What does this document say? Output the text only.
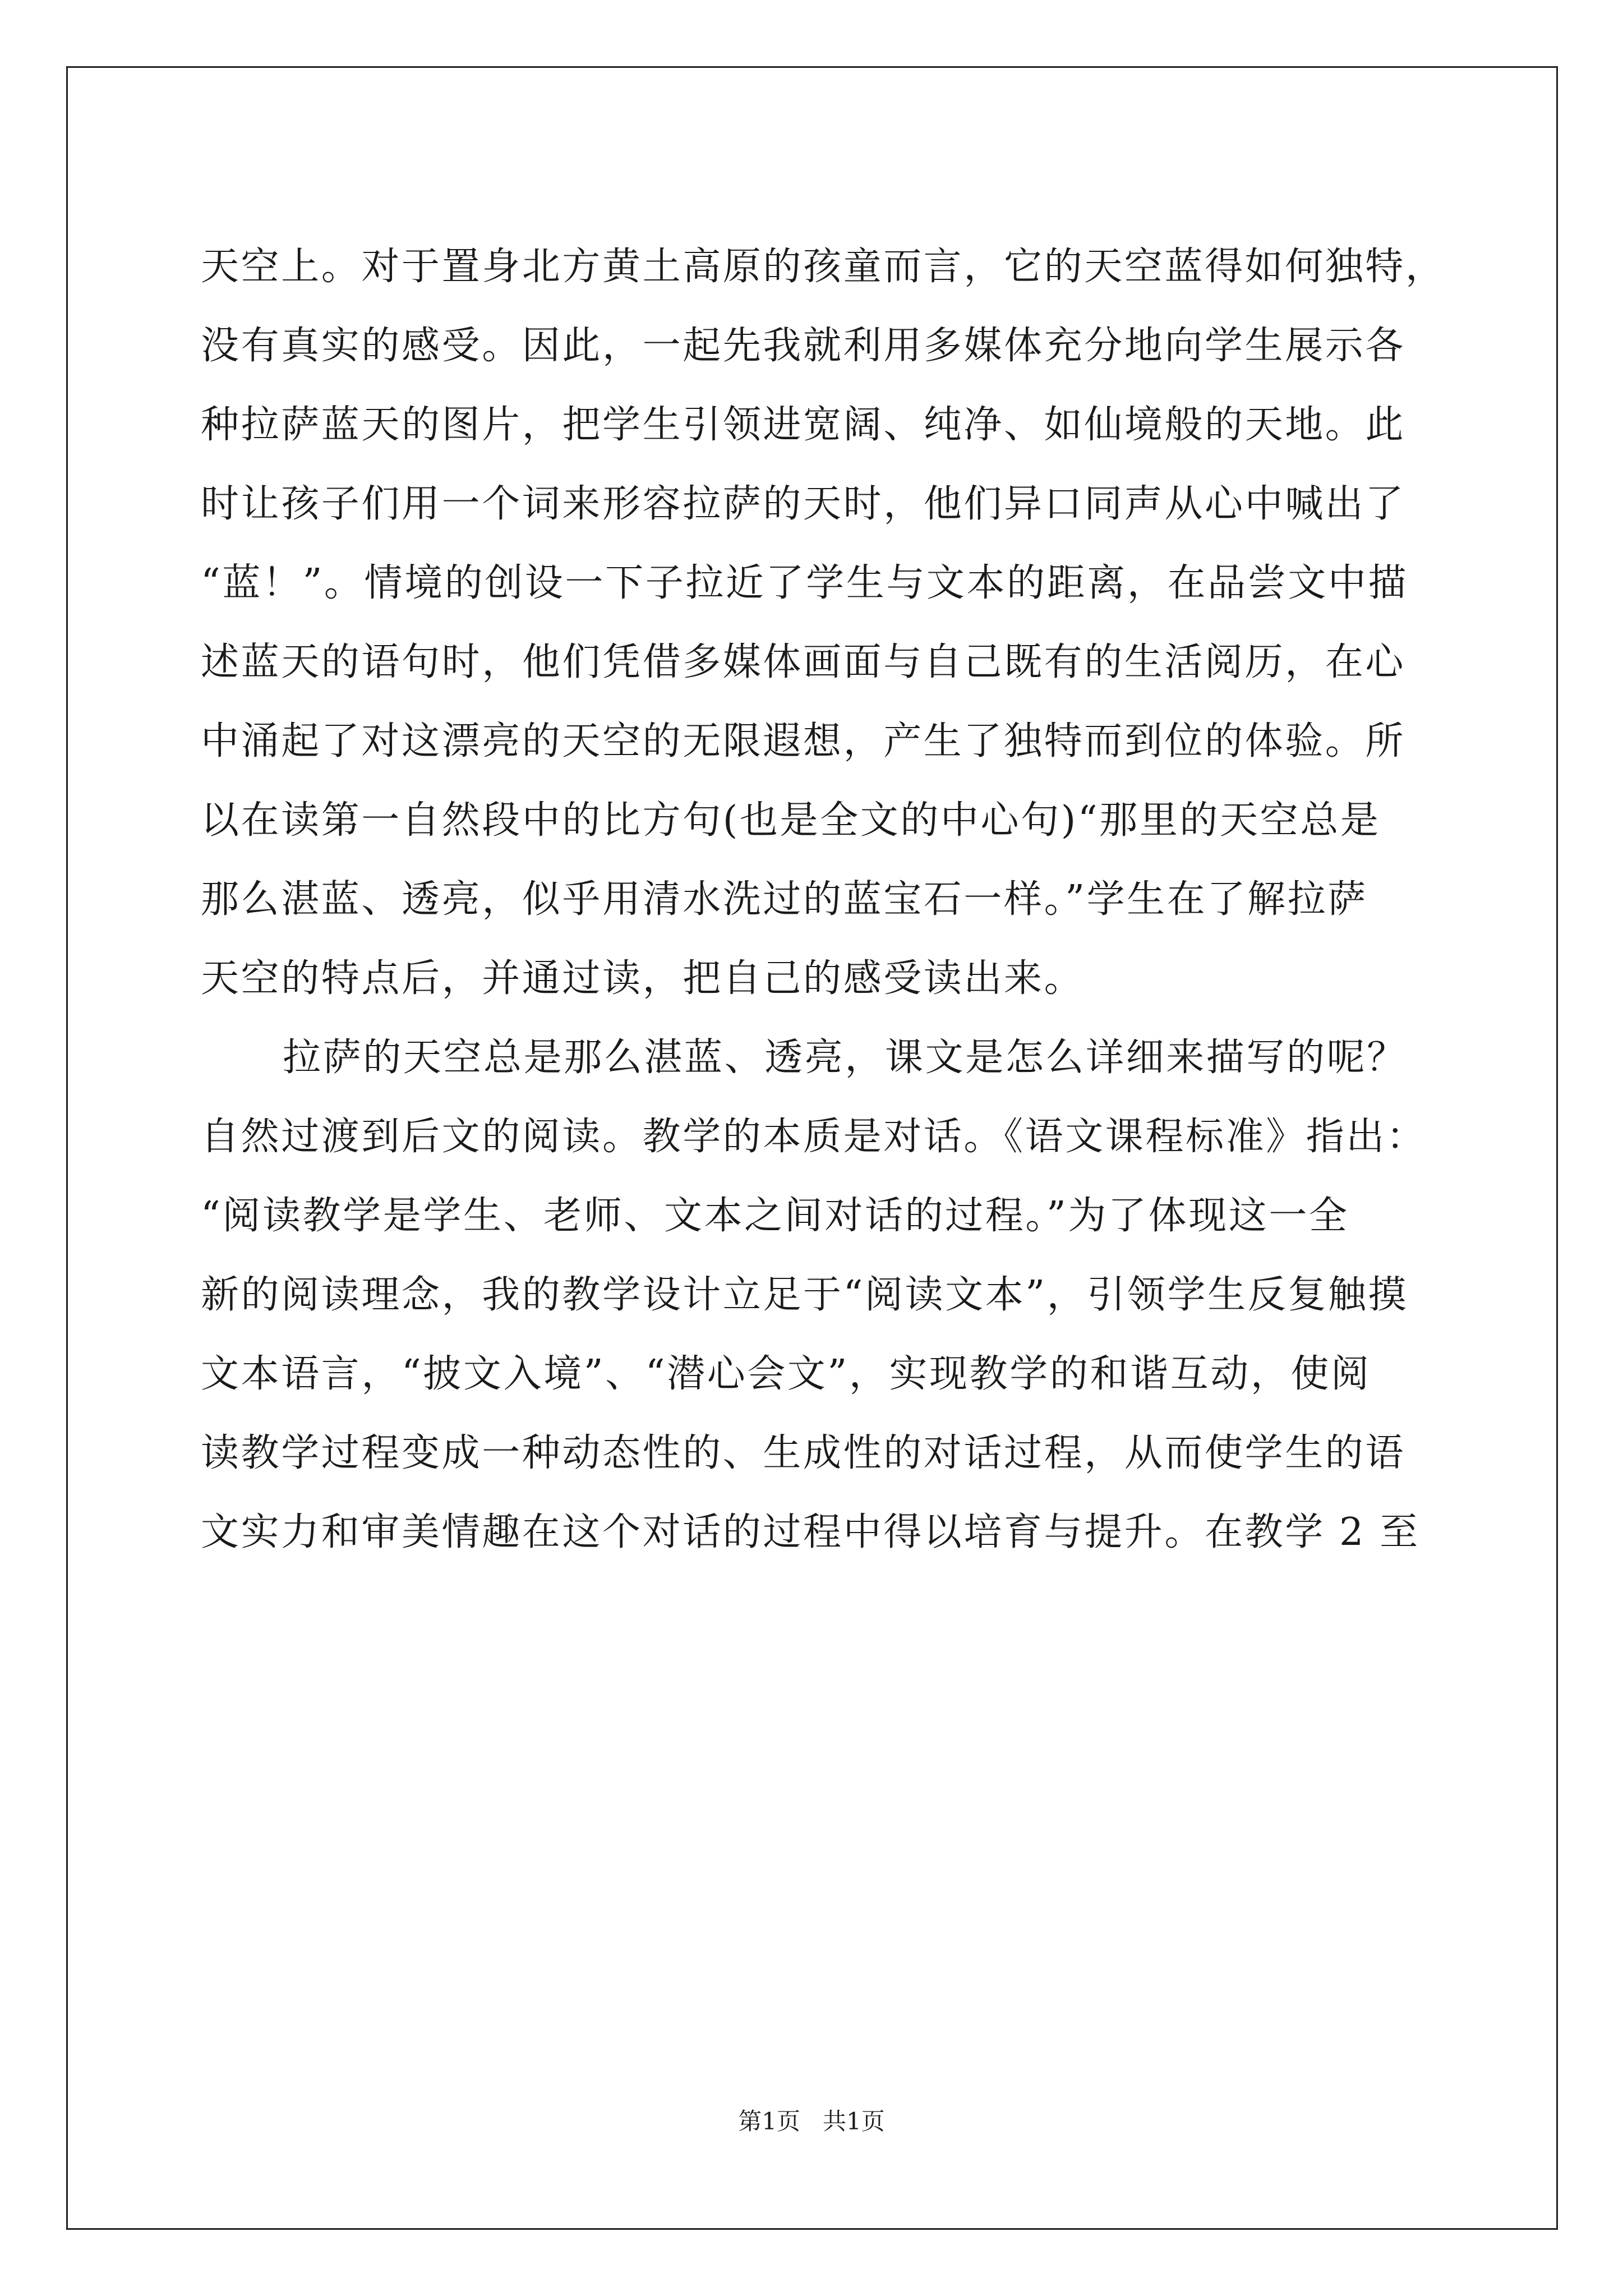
天空上。对于置身北方黄土高原的孩童而言，它的天空蓝得如何独特，
没有真实的感受。因此，一起先我就利用多媒体充分地向学生展示各
种拉萨蓝天的图片，把学生引领进宽阔、纯净、如仙境般的天地。此
时让孩子们用一个词来形容拉萨的天时，他们异口同声从心中喊出了
“蓝！”。情境的创设一下子拉近了学生与文本的距离，在品尝文中描
述蓝天的语句时，他们凭借多媒体画面与自己既有的生活阅历，在心
中涌起了对这漂亮的天空的无限遐想，产生了独特而到位的体验。所
以在读第一自然段中的比方句(也是全文的中心句)“那里的天空总是
那么湛蓝、透亮，似乎用清水洗过的蓝宝石一样。”学生在了解拉萨
天空的特点后，并通过读，把自己的感受读出来。
拉萨的天空总是那么湛蓝、透亮，课文是怎么详细来描写的呢？
自然过渡到后文的阅读。教学的本质是对话。《语文课程标准》指出：
“阅读教学是学生、老师、文本之间对话的过程。”为了体现这一全
新的阅读理念，我的教学设计立足于“阅读文本”，引领学生反复触摸
文本语言，“披文入境”、“潜心会文”，实现教学的和谐互动，使阅
读教学过程变成一种动态性的、生成性的对话过程，从而使学生的语
文实力和审美情趣在这个对话的过程中得以培育与提升。在教学 2 至
第1页 共1页
